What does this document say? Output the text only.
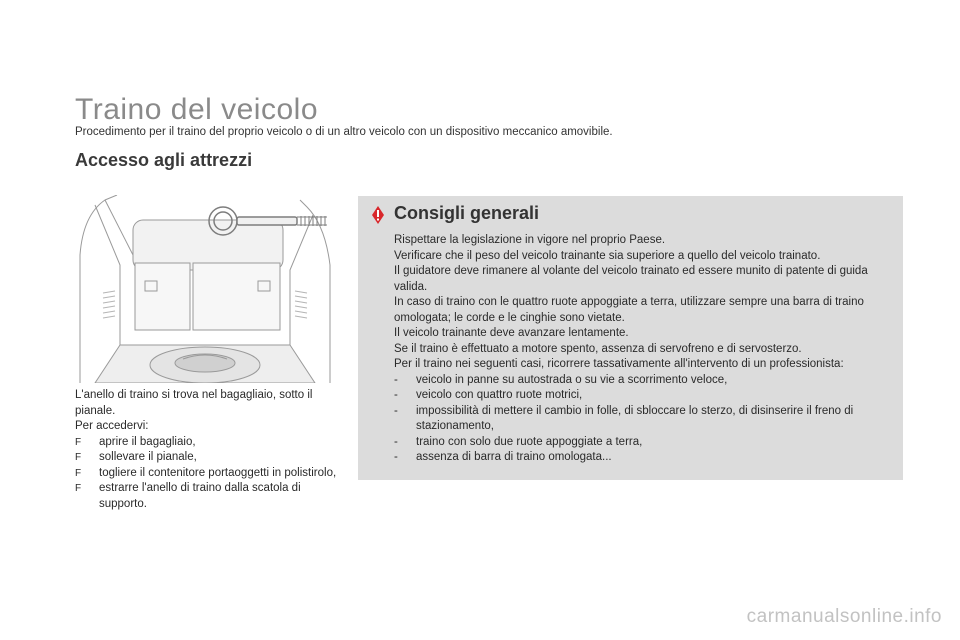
Traino del veicolo
Procedimento per il traino del proprio veicolo o di un altro veicolo con un dispositivo meccanico amovibile.
Accesso agli attrezzi

L'anello di traino si trova nel bagagliaio, sotto il pianale.

Per accedervi:

F aprire il bagagliaio,
F sollevare il pianale,
F togliere il contenitore portaoggetti in polistirolo,
F estrarre l'anello di traino dalla scatola di supporto.
Consigli generali

Rispettare la legislazione in vigore nel proprio Paese.

Verificare che il peso del veicolo trainante sia superiore a quello del veicolo trainato.

Il guidatore deve rimanere al volante del veicolo trainato ed essere munito di patente di guida valida.

In caso di traino con le quattro ruote appoggiate a terra, utilizzare sempre una barra di traino omologata; le corde e le cinghie sono vietate.

Il veicolo trainante deve avanzare lentamente.

Se il traino è effettuato a motore spento, assenza di servofreno e di servosterzo.

Per il traino nei seguenti casi, ricorrere tassativamente all'intervento di un professionista:

- veicolo in panne su autostrada o su vie a scorrimento veloce,
- veicolo con quattro ruote motrici,
- impossibilità di mettere il cambio in folle, di sbloccare lo sterzo, di disinserire il freno di stazionamento,
- traino con solo due ruote appoggiate a terra,
- assenza di barra di traino omologata...
carmanualsonline.info
